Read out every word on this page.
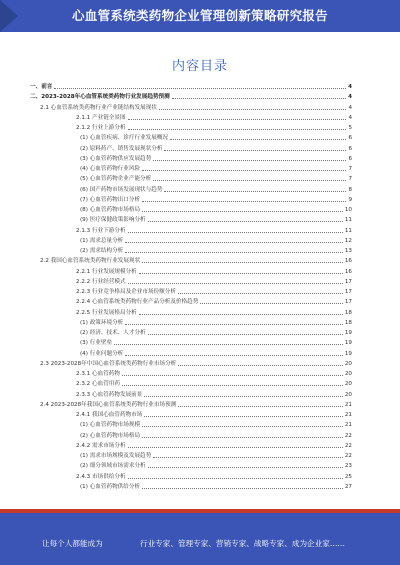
心血管系统类药物企业管理创新策略研究报告
内容目录
一、前言	4
二、2023-2028年心血管系统类药物行业发展趋势预测	4
2.1 心血管系统类药物行业产业链结构发展现状	4
2.1.1 产业链全景图	4
2.1.2 行业上游分析	5
(1) 心血管疾病、诊疗行业发展概况	6
(2) 原料药产、销售发展现状分析	6
(3) 心血管药物供应发展趋势	6
(4) 心血管药物行业风险	7
(5) 心血管药物企业产能分析	7
(6) 国产药物市场发展现状与趋势	8
(7) 心血管药物出口分析	9
(8) 心血管药物市场格局	10
(9) 医疗保健政策影响分析	11
2.1.3 行业下游分析	11
(1) 需求总量分析	12
(2) 需求结构分析	13
2.2 我国心血管系统类药物行业发展现状	16
2.2.1 行业发展规模分析	16
2.2.2 行业经营模式	17
2.2.3 行业竞争格局及企业市场份额分析	17
2.2.4 心血管系统类药物行业产品分析及价格趋势	17
2.2.5 行业发展格局分析	18
(1) 政策环境分析	18
(2) 经济、技术、人才分析	19
(3) 行业壁垒	19
(4) 行业问题分析	19
2.3 2023-2028年中国心血管系统类药物行业市场分析	20
2.3.1 心血管药物	20
2.3.2 心血管用药	20
2.3.3 心血管药物发展前景	20
2.4 2023-2028年我国心血管系统类药物行业市场预测	21
2.4.1 我国心血管药物市场	21
(1) 心血管药物市场规模	21
(2) 心血管药物市场格局	22
2.4.2 需求市场分析	22
(1) 需求市场规模及发展趋势	22
(2) 细分领域市场需求分析	23
2.4.3 市场供给分析	25
(1) 心血管药物供给分析	27
让每个人都能成为	行业专家、管理专家、营销专家、战略专家、成为企业家……
